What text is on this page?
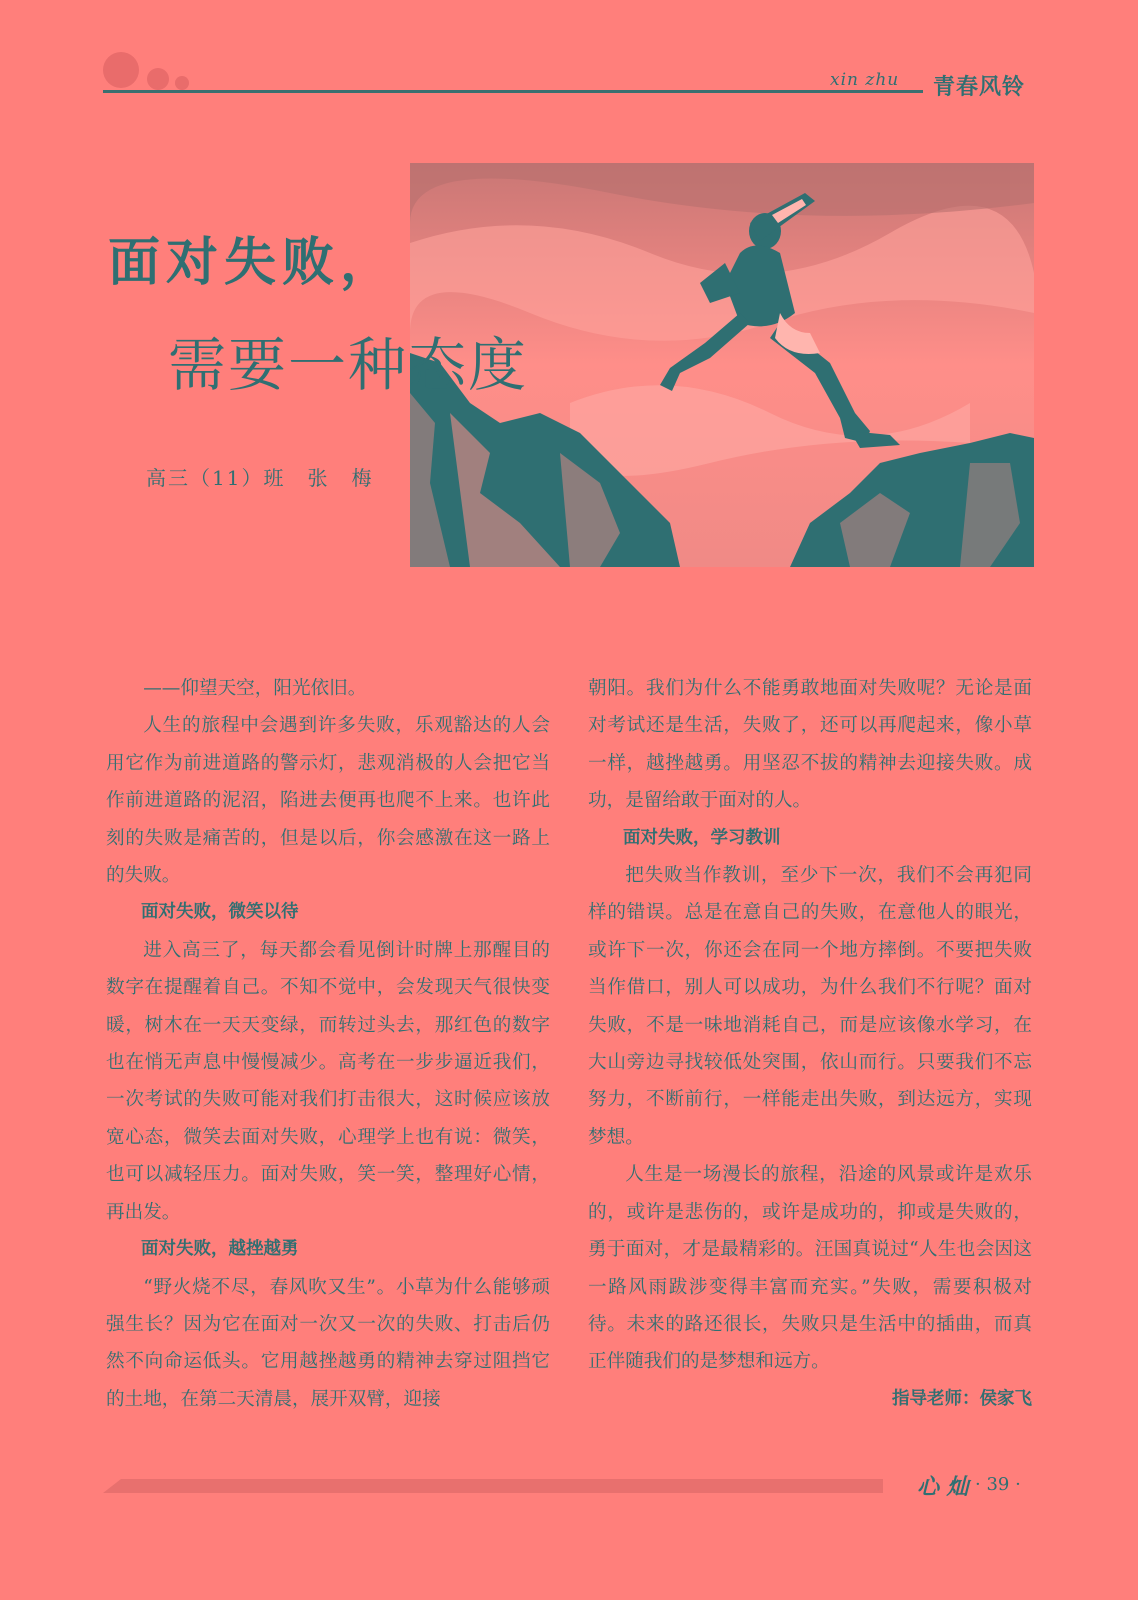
xin zhu 青春风铃
面对失败，
需要一种态度
高三（11）班　张　梅

——仰望天空，阳光依旧。

人生的旅程中会遇到许多失败，乐观豁达的人会用它作为前进道路的警示灯，悲观消极的人会把它当作前进道路的泥沼，陷进去便再也爬不上来。也许此刻的失败是痛苦的，但是以后，你会感激在这一路上的失败。

面对失败，微笑以待

进入高三了，每天都会看见倒计时牌上那醒目的数字在提醒着自己。不知不觉中，会发现天气很快变暖，树木在一天天变绿，而转过头去，那红色的数字也在悄无声息中慢慢减少。高考在一步步逼近我们，一次考试的失败可能对我们打击很大，这时候应该放宽心态，微笑去面对失败，心理学上也有说：微笑，也可以减轻压力。面对失败，笑一笑，整理好心情，再出发。

面对失败，越挫越勇

“野火烧不尽，春风吹又生”。小草为什么能够顽强生长？因为它在面对一次又一次的失败、打击后仍然不向命运低头。它用越挫越勇的精神去穿过阻挡它的土地，在第二天清晨，展开双臂，迎接

朝阳。我们为什么不能勇敢地面对失败呢？无论是面对考试还是生活，失败了，还可以再爬起来，像小草一样，越挫越勇。用坚忍不拔的精神去迎接失败。成功，是留给敢于面对的人。

面对失败，学习教训

把失败当作教训，至少下一次，我们不会再犯同样的错误。总是在意自己的失败，在意他人的眼光，或许下一次，你还会在同一个地方摔倒。不要把失败当作借口，别人可以成功，为什么我们不行呢？面对失败，不是一味地消耗自己，而是应该像水学习，在大山旁边寻找较低处突围，依山而行。只要我们不忘努力，不断前行，一样能走出失败，到达远方，实现梦想。

人生是一场漫长的旅程，沿途的风景或许是欢乐的，或许是悲伤的，或许是成功的，抑或是失败的，勇于面对，才是最精彩的。汪国真说过“人生也会因这一路风雨跋涉变得丰富而充实。”失败，需要积极对待。未来的路还很长，失败只是生活中的插曲，而真正伴随我们的是梦想和远方。

指导老师：侯家飞
心 灿 · 39 ·
